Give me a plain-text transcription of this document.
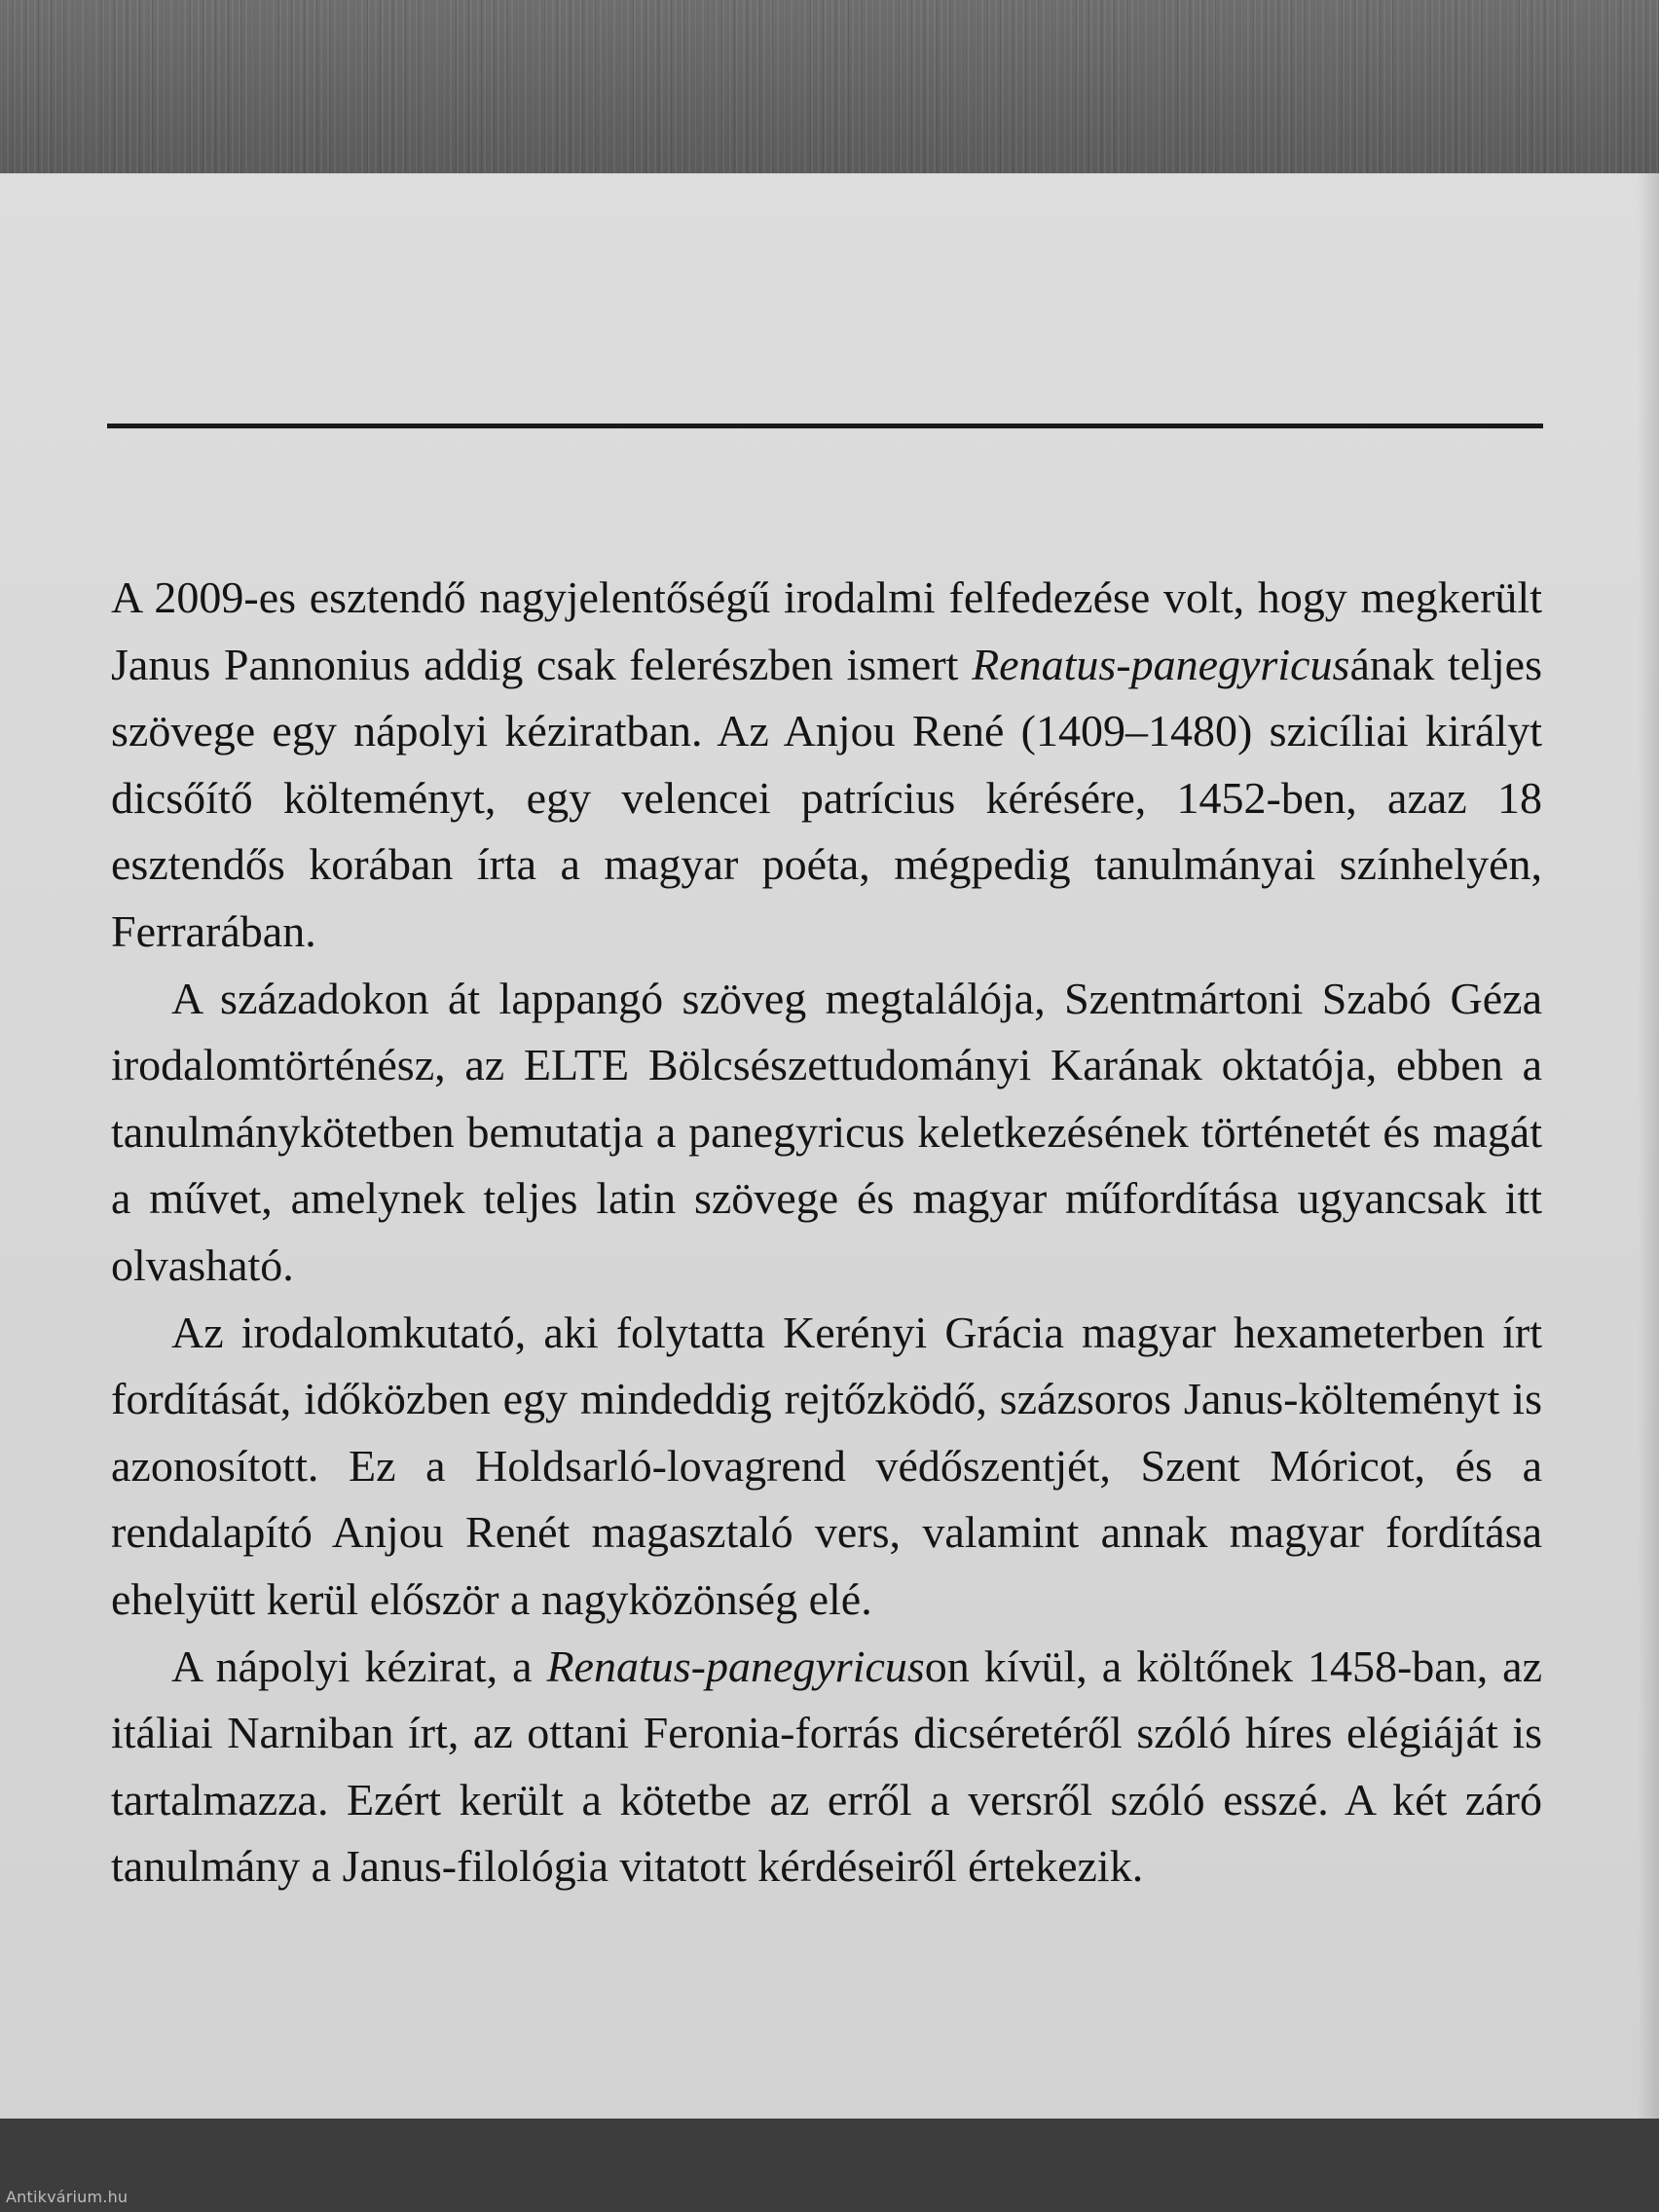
A 2009-es esztendő nagyjelentőségű irodalmi felfedezése volt, hogy megkerült Janus Pannonius addig csak felerészben ismert Renatus-panegyricusának teljes szövege egy nápolyi kéziratban. Az Anjou René (1409–1480) szicíliai királyt dicsőítő költeményt, egy velencei patrícius kérésére, 1452-ben, azaz 18 esztendős korában írta a magyar poéta, mégpedig tanulmányai színhelyén, Ferrarában.

A századokon át lappangó szöveg megtalálója, Szentmártoni Szabó Géza irodalomtörténész, az ELTE Bölcsészettudományi Karának oktatója, ebben a tanulmánykötetben bemutatja a panegyricus keletkezésének történetét és magát a művet, amelynek teljes latin szövege és magyar műfordítása ugyancsak itt olvasható.

Az irodalomkutató, aki folytatta Kerényi Grácia magyar hexameterben írt fordítását, időközben egy mindeddig rejtőzködő, százsoros Janus-költeményt is azonosított. Ez a Holdsarló-lovagrend védőszentjét, Szent Móricot, és a rendalapító Anjou Renét magasztaló vers, valamint annak magyar fordítása ehelyütt kerül először a nagyközönség elé.

A nápolyi kézirat, a Renatus-panegyricuson kívül, a költőnek 1458-ban, az itáliai Narniban írt, az ottani Feronia-forrás dicséretéről szóló híres elégiáját is tartalmazza. Ezért került a kötetbe az erről a versről szóló esszé. A két záró tanulmány a Janus-filológia vitatott kérdéseiről értekezik.

Antikvárium.hu
